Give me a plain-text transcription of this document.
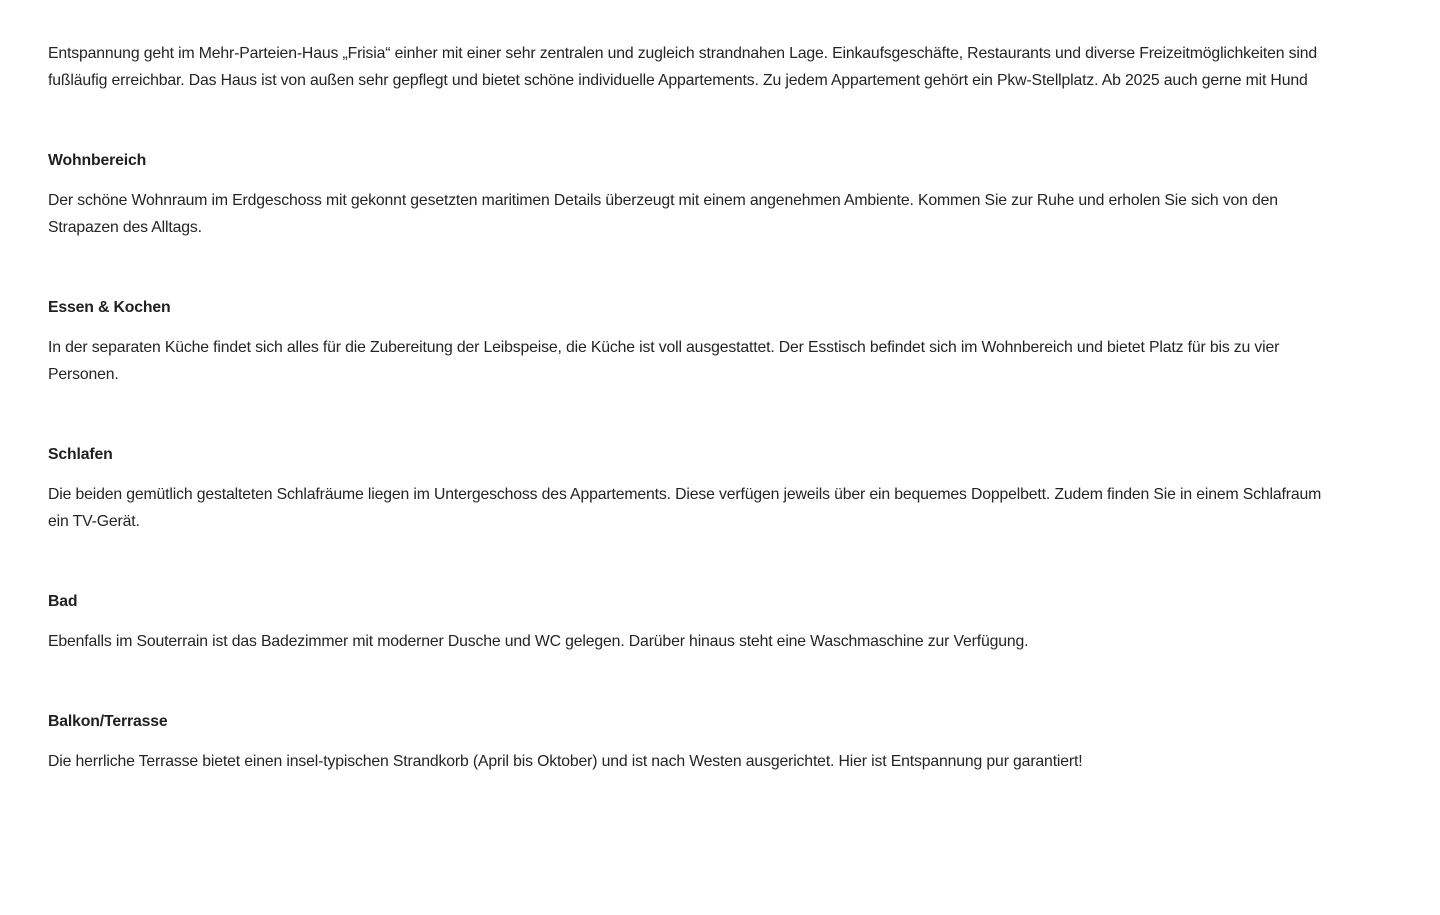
Entspannung geht im Mehr-Parteien-Haus „Frisia“ einher mit einer sehr zentralen und zugleich strandnahen Lage. Einkaufsgeschäfte, Restaurants und diverse Freizeitmöglichkeiten sind fußläufig erreichbar. Das Haus ist von außen sehr gepflegt und bietet schöne individuelle Appartements. Zu jedem Appartement gehört ein Pkw-Stellplatz. Ab 2025 auch gerne mit Hund

Wohnbereich

Der schöne Wohnraum im Erdgeschoss mit gekonnt gesetzten maritimen Details überzeugt mit einem angenehmen Ambiente. Kommen Sie zur Ruhe und erholen Sie sich von den Strapazen des Alltags.

Essen & Kochen

In der separaten Küche findet sich alles für die Zubereitung der Leibspeise, die Küche ist voll ausgestattet. Der Esstisch befindet sich im Wohnbereich und bietet Platz für bis zu vier Personen.

Schlafen

Die beiden gemütlich gestalteten Schlafräume liegen im Untergeschoss des Appartements. Diese verfügen jeweils über ein bequemes Doppelbett. Zudem finden Sie in einem Schlafraum ein TV-Gerät.

Bad

Ebenfalls im Souterrain ist das Badezimmer mit moderner Dusche und WC gelegen. Darüber hinaus steht eine Waschmaschine zur Verfügung.

Balkon/Terrasse

Die herrliche Terrasse bietet einen insel-typischen Strandkorb (April bis Oktober) und ist nach Westen ausgerichtet. Hier ist Entspannung pur garantiert!
